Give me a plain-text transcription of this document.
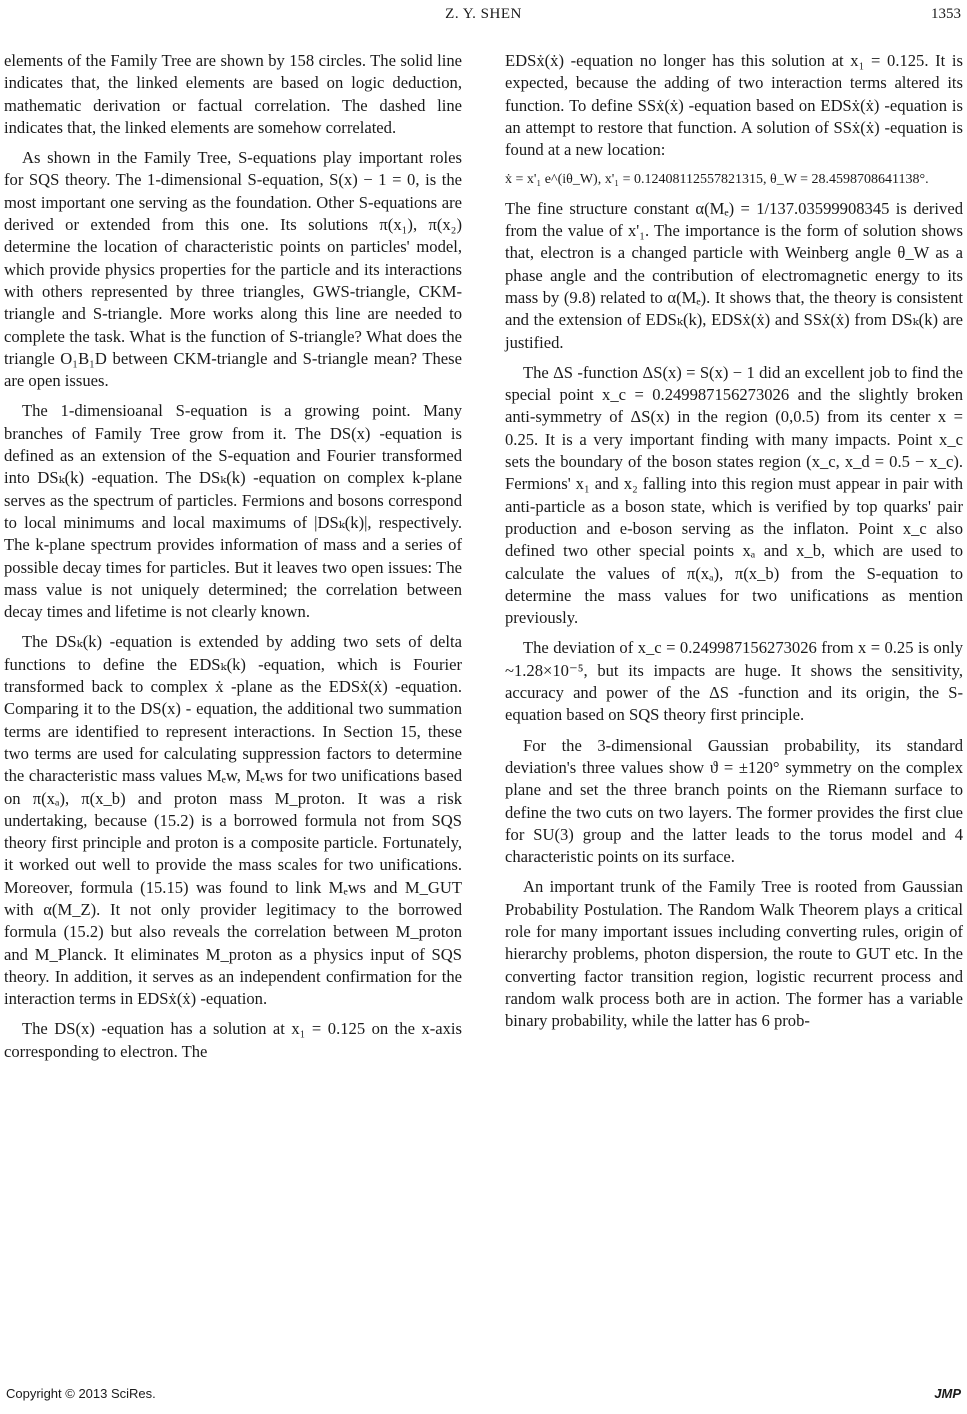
Z. Y. SHEN	1353

elements of the Family Tree are shown by 158 circles. The solid line indicates that, the linked elements are based on logic deduction, mathematic derivation or factual correlation. The dashed line indicates that, the linked elements are somehow correlated.

As shown in the Family Tree, S-equations play important roles for SQS theory. The 1-dimensional S-equation, S(x) − 1 = 0, is the most important one serving as the foundation. Other S-equations are derived or extended from this one. Its solutions π(x₁), π(x₂) determine the location of characteristic points on particles' model, which provide physics properties for the particle and its interactions with others represented by three triangles, GWS-triangle, CKM-triangle and S-triangle. More works along this line are needed to complete the task. What is the function of S-triangle? What does the triangle O₁B₁D between CKM-triangle and S-triangle mean? These are open issues.

The 1-dimensioanal S-equation is a growing point. Many branches of Family Tree grow from it. The DS(x) -equation is defined as an extension of the S-equation and Fourier transformed into DSₖ(k) -equation. The DSₖ(k) -equation on complex k-plane serves as the spectrum of particles. Fermions and bosons correspond to local minimums and local maximums of |DSₖ(k)|, respectively. The k-plane spectrum provides information of mass and a series of possible decay times for particles. But it leaves two open issues: The mass value is not uniquely determined; the correlation between decay times and lifetime is not clearly known.

The DSₖ(k) -equation is extended by adding two sets of delta functions to define the EDSₖ(k) -equation, which is Fourier transformed back to complex ẋ -plane as the EDSẋ(ẋ) -equation. Comparing it to the DS(x) - equation, the additional two summation terms are identified to represent interactions. In Section 15, these two terms are used for calculating suppression factors to determine the characteristic mass values Mₑw, Mₑws for two unifications based on π(xₐ), π(x_b) and proton mass M_proton. It was a risk undertaking, because (15.2) is a borrowed formula not from SQS theory first principle and proton is a composite particle. Fortunately, it worked out well to provide the mass scales for two unifications. Moreover, formula (15.15) was found to link Mₑws and M_GUT with α(M_Z). It not only provider legitimacy to the borrowed formula (15.2) but also reveals the correlation between M_proton and M_Planck. It eliminates M_proton as a physics input of SQS theory. In addition, it serves as an independent confirmation for the interaction terms in EDSẋ(ẋ) -equation.

The DS(x) -equation has a solution at x₁ = 0.125 on the x-axis corresponding to electron. The

EDSẋ(ẋ) -equation no longer has this solution at x₁ = 0.125. It is expected, because the adding of two interaction terms altered its function. To define SSẋ(ẋ) -equation based on EDSẋ(ẋ) -equation is an attempt to restore that function. A solution of SSẋ(ẋ) -equation is found at a new location:

ẋ = x'₁ e^(iθ_W), x'₁ = 0.12408112557821315, θ_W = 28.4598708641138°.

The fine structure constant α(Mₑ) = 1/137.03599908345 is derived from the value of x'₁. The importance is the form of solution shows that, electron is a changed particle with Weinberg angle θ_W as a phase angle and the contribution of electromagnetic energy to its mass by (9.8) related to α(Mₑ). It shows that, the theory is consistent and the extension of EDSₖ(k), EDSẋ(ẋ) and SSẋ(ẋ) from DSₖ(k) are justified.

The ΔS -function ΔS(x) = S(x) − 1 did an excellent job to find the special point x_c = 0.249987156273026 and the slightly broken anti-symmetry of ΔS(x) in the region (0,0.5) from its center x = 0.25. It is a very important finding with many impacts. Point x_c sets the boundary of the boson states region (x_c, x_d = 0.5 − x_c). Fermions' x₁ and x₂ falling into this region must appear in pair with anti-particle as a boson state, which is verified by top quarks' pair production and e-boson serving as the inflaton. Point x_c also defined two other special points xₐ and x_b, which are used to calculate the values of π(xₐ), π(x_b) from the S-equation to determine the mass values for two unifications as mention previously.

The deviation of x_c = 0.249987156273026 from x = 0.25 is only ~1.28×10⁻⁵, but its impacts are huge. It shows the sensitivity, accuracy and power of the ΔS -function and its origin, the S-equation based on SQS theory first principle.

For the 3-dimensional Gaussian probability, its standard deviation's three values show ϑ = ±120° symmetry on the complex plane and set the three branch points on the Riemann surface to define the two cuts on two layers. The former provides the first clue for SU(3) group and the latter leads to the torus model and 4 characteristic points on its surface.

An important trunk of the Family Tree is rooted from Gaussian Probability Postulation. The Random Walk Theorem plays a critical role for many important issues including converting rules, origin of hierarchy problems, photon dispersion, the route to GUT etc. In the converting factor transition region, logistic recurrent process and random walk process both are in action. The former has a variable binary probability, while the latter has 6 prob-

Copyright © 2013 SciRes.	JMP
